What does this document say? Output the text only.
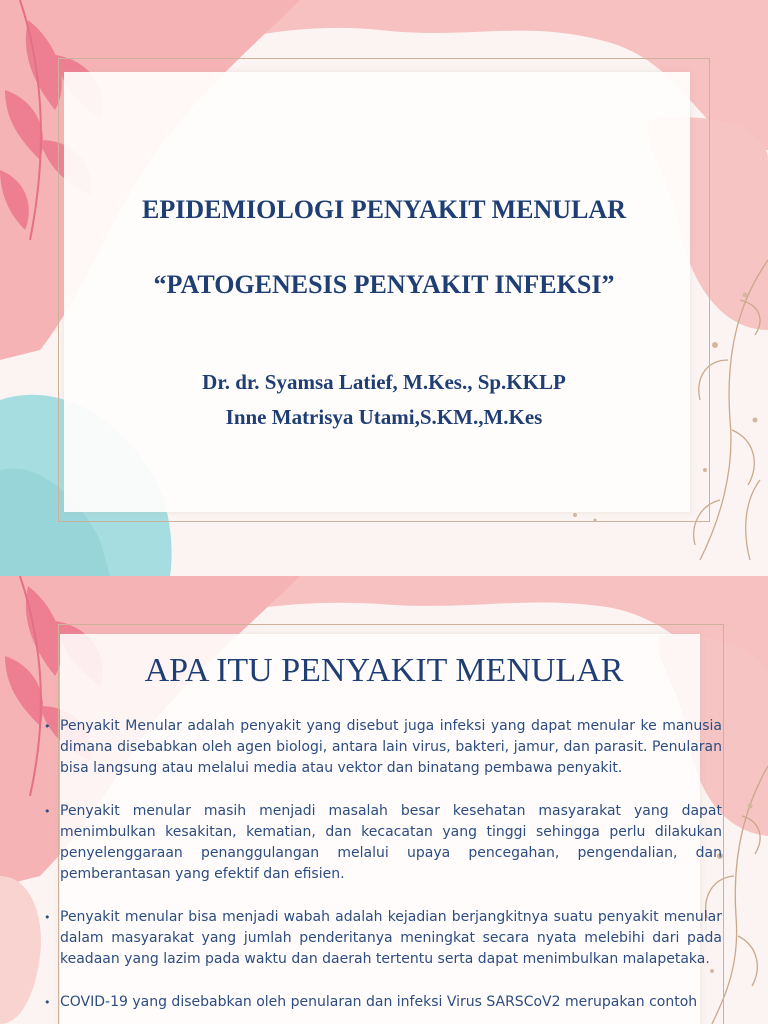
EPIDEMIOLOGI PENYAKIT MENULAR
“PATOGENESIS PENYAKIT INFEKSI”

Dr. dr. Syamsa Latief, M.Kes., Sp.KKLP

Inne Matrisya Utami,S.KM.,M.Kes

APA ITU PENYAKIT MENULAR
• Penyakit Menular adalah penyakit yang disebut juga infeksi yang dapat menular ke manusia dimana disebabkan oleh agen biologi, antara lain virus, bakteri, jamur, dan parasit. Penularan bisa langsung atau melalui media atau vektor dan binatang pembawa penyakit.
• Penyakit menular masih menjadi masalah besar kesehatan masyarakat yang dapat menimbulkan kesakitan, kematian, dan kecacatan yang tinggi sehingga perlu dilakukan penyelenggaraan penanggulangan melalui upaya pencegahan, pengendalian, dan pemberantasan yang efektif dan efisien.
• Penyakit menular bisa menjadi wabah adalah kejadian berjangkitnya suatu penyakit menular dalam masyarakat yang jumlah penderitanya meningkat secara nyata melebihi dari pada keadaan yang lazim pada waktu dan daerah tertentu serta dapat menimbulkan malapetaka.
• COVID-19 yang disebabkan oleh penularan dan infeksi Virus SARSCoV2 merupakan contoh
